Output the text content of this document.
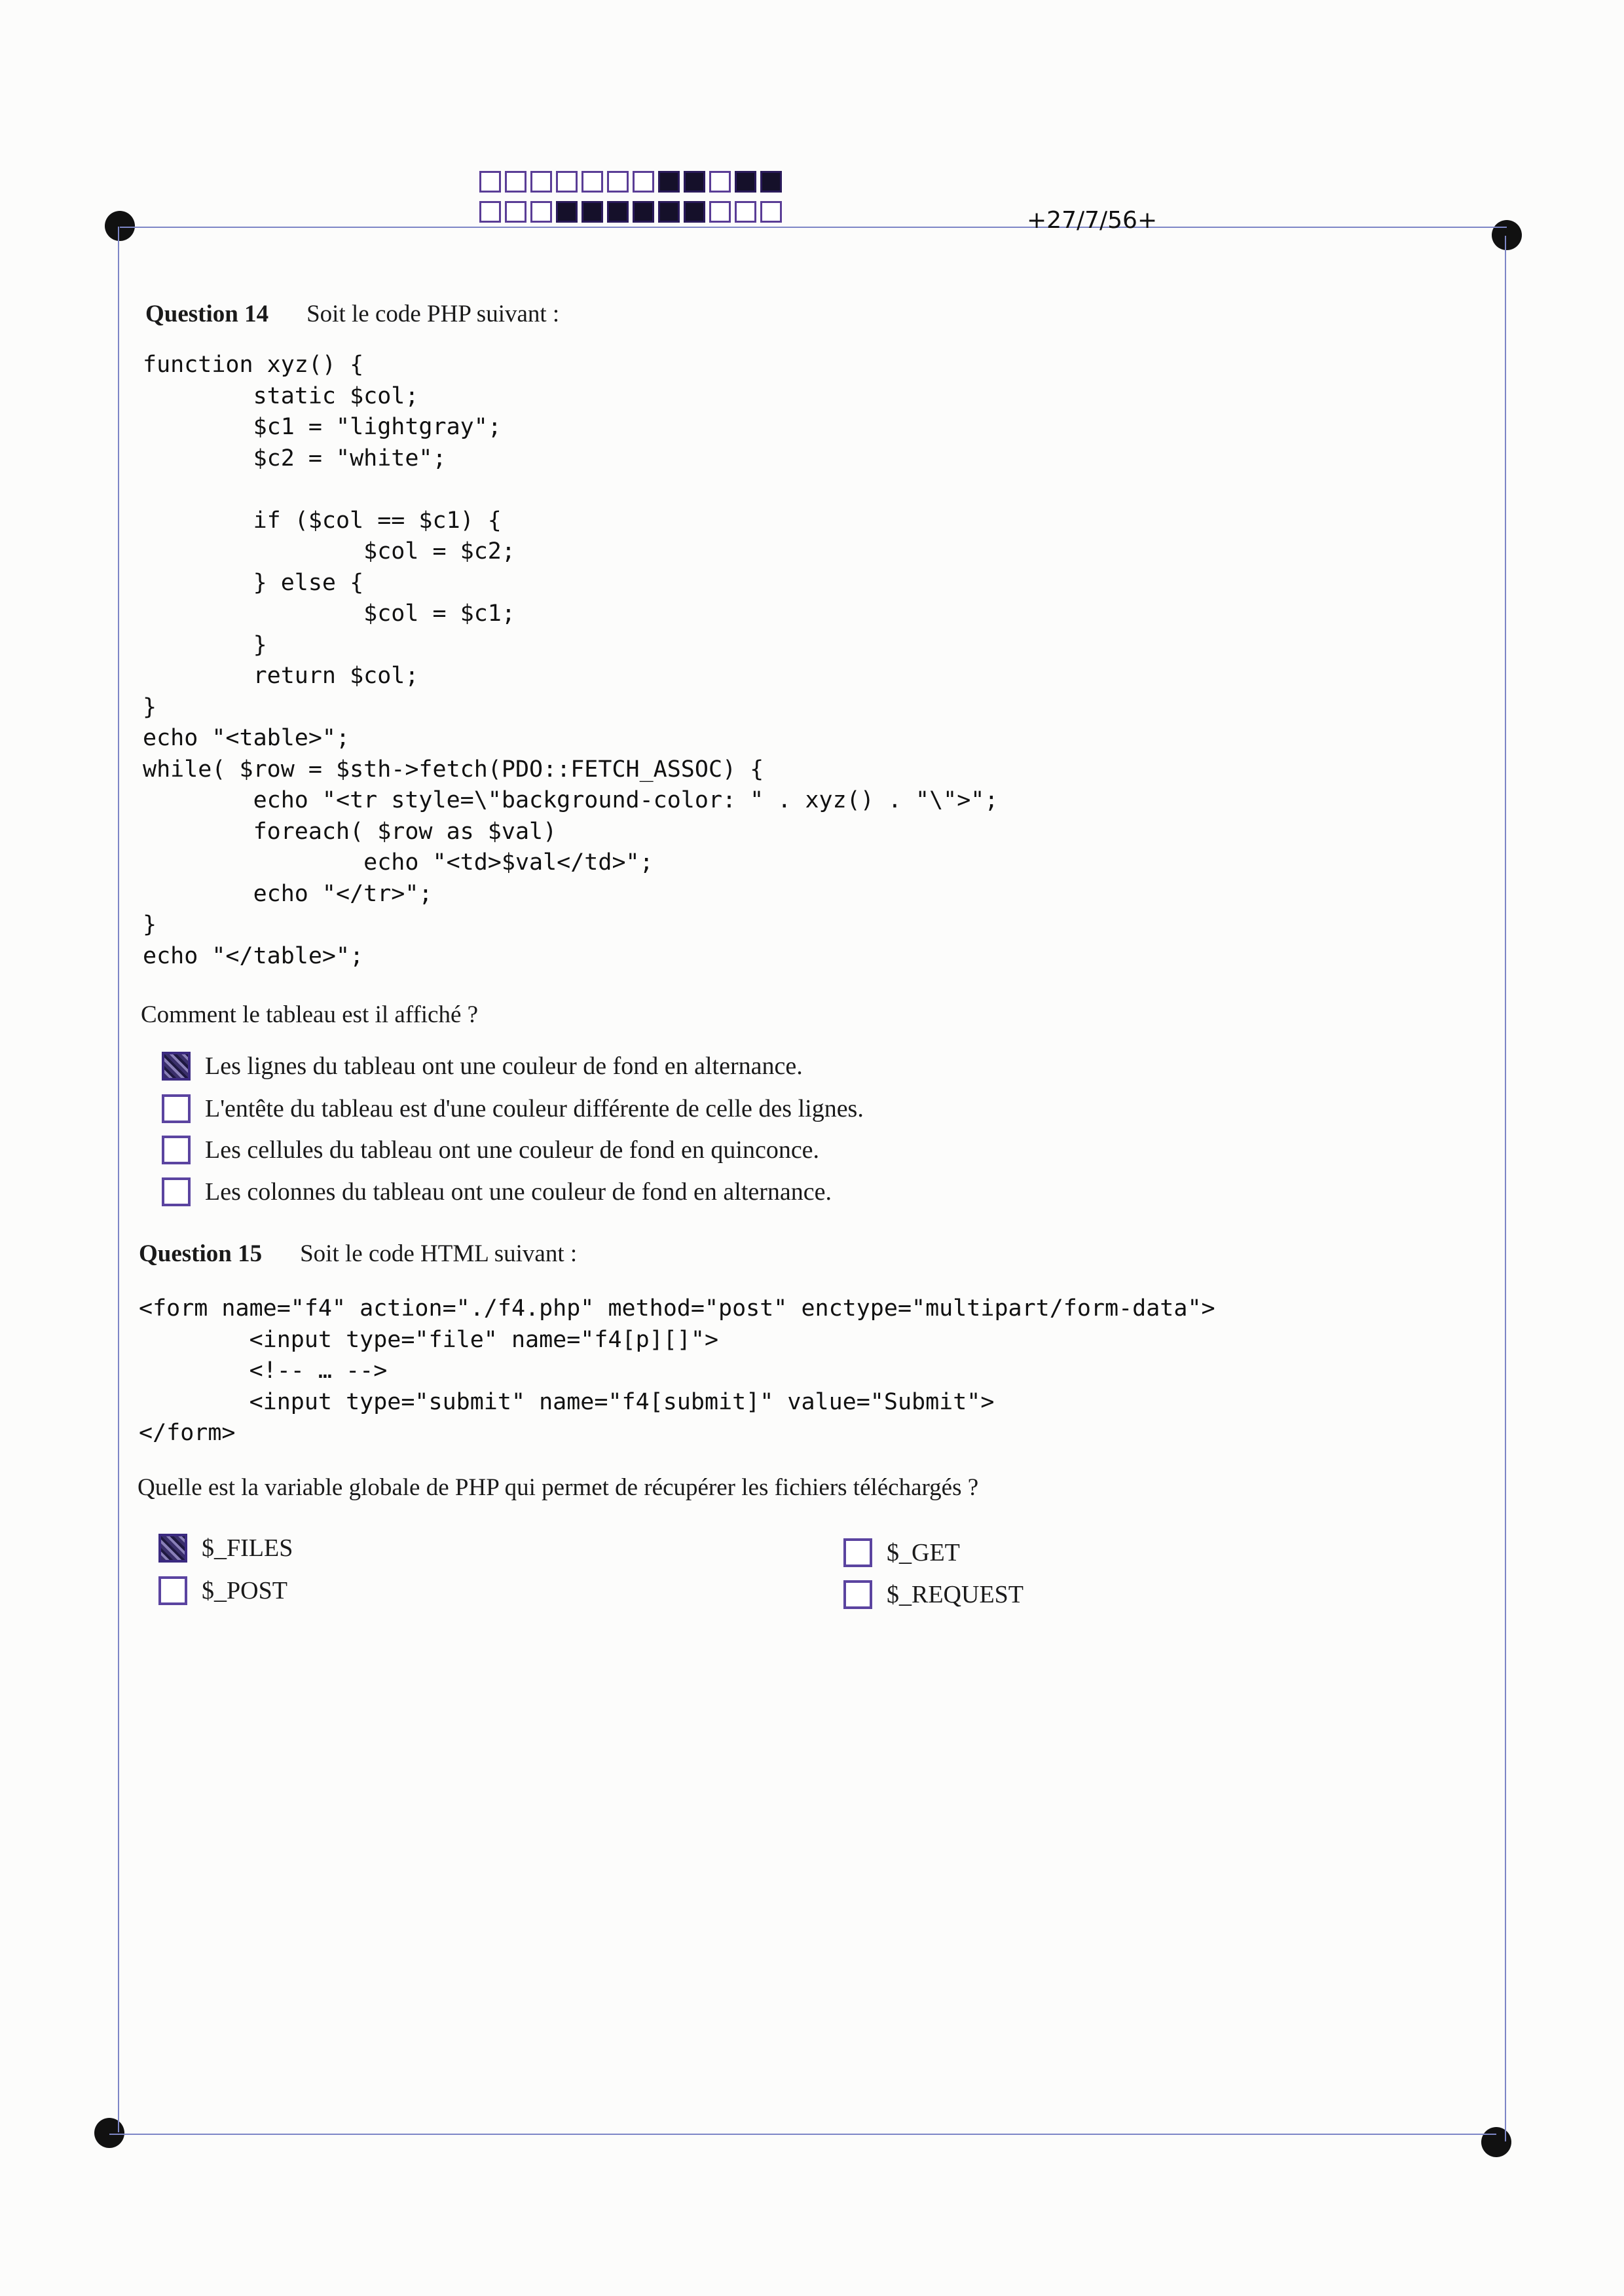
+27/7/56+
Question 14 Soit le code PHP suivant :
function xyz() {
static $col;
$c1 = "lightgray";
$c2 = "white";

if ($col == $c1) {
$col = $c2;
} else {
$col = $c1;
}
return $col;
}
echo "<table>";
while( $row = $sth->fetch(PDO::FETCH_ASSOC) {
echo "<tr style=\"background-color: " . xyz() . "\">";
foreach( $row as $val)
echo "<td>$val</td>";
echo "</tr>";
}
echo "</table>";
Comment le tableau est il affiché ?
Les lignes du tableau ont une couleur de fond en alternance.
L'entête du tableau est d'une couleur différente de celle des lignes.
Les cellules du tableau ont une couleur de fond en quinconce.
Les colonnes du tableau ont une couleur de fond en alternance.
Question 15 Soit le code HTML suivant :
<form name="f4" action="./f4.php" method="post" enctype="multipart/form-data">
<input type="file" name="f4[p][]">
<!-- … -->
<input type="submit" name="f4[submit]" value="Submit">
</form>
Quelle est la variable globale de PHP qui permet de récupérer les fichiers téléchargés ?
$_FILES	$_GET
$_POST	$_REQUEST
